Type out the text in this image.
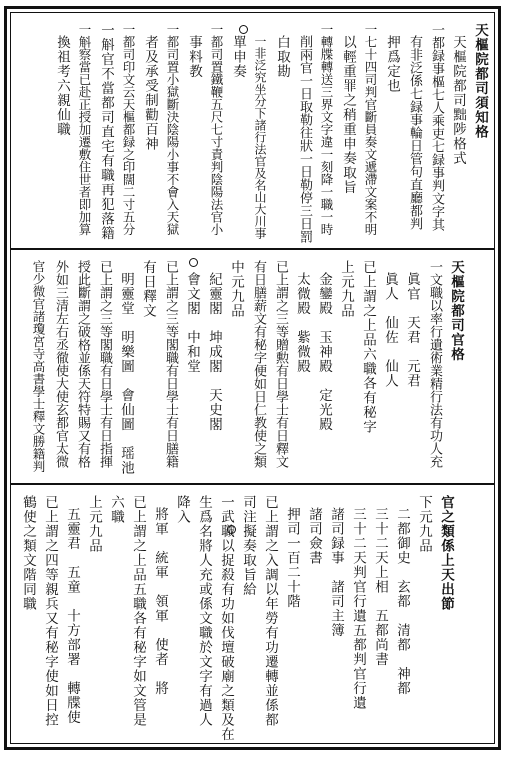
天樞院都司須知格
天樞院都司黜陟格式
一都録事樞七人乘吏七録事判文字其
有非泛係七録事輪日管句直廳都判
押爲定也
一七十四司判官斷員奏文遞滯文案不明
以輕重罪之稍重申奏取旨
一轉牒轉送三界文字違一刻降一職一時
削兩官一日取勒往狀一日勒停三日罰
白取勘
一非泛究坐分下諸行法官及名山大川事
單申奏
一都司置鐵鞭五尺七寸責判陰陽法官小
事料教
一都司置小獄斷決陰陽小事不會入天獄
者及承受制勸百神
一都司印文云天樞都録之印闊二寸五分
一斛官不當都司直宅有職再犯落籍
一斛察當已赴正授加遷敷住世者即加算
換祖考六親仙職
天樞院都司官格
一文職以率行遺術業精行法有功人充
眞官　天君　元君
眞人　仙佐　仙人
已上謂之上品六職各有秘字
上元九品
金鑾殿　玉神殿　定光殿
太微殿　紫微殿
已上謂之三等贈勲有日學士有日釋文
有日膳薪文有秘字便如日仁教使之類
中元九品
紀靈閣　坤成閣　天史閣
會文閣　中和堂
已上謂之三等閣職有日學士有日膳籍
有日釋文
明靈堂　明樂圖　會仙圖　瑶池
已上謂之三等閣職有日學士有日指揮
授此斷謂之破格並係天符特賜又有格
外如三清左右丞徹使大使玄都官太微
官少微官諸瓊宮寺高書學士釋文勝籍判
官之類係上天出節
下元九品
二都御史　玄都　清都　神都
三十二天上相　五都尚書
三十二天判官行遺五都判官行遺
諸司録事　諸司主簿
諸司僉書
押司一百二十階
已上謂之入調以年勞有功遷轉並係都
司注擬奏取旨給
一武職以捉殺有功如伐壇破廟之類及在
生爲名將人充或係文職於文字有過人
降入
將軍　統軍　領軍　使者　將
已上謂之上品五職各有秘字如文管是
六職
上元九品
五靈君　五童　十方部署　轉牒使
已上謂之四等親兵又有秘字使如日控
鶴使之類文階同職
